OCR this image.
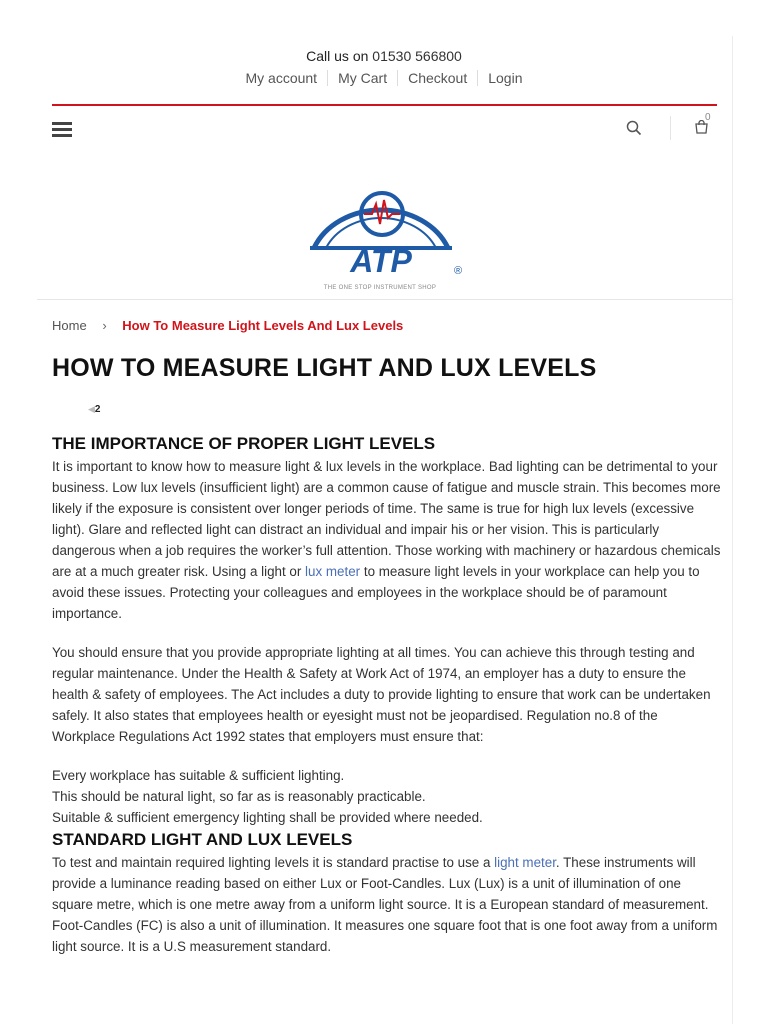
Call us on 01530 566800
My account My Cart Checkout Login
0
ATP	®
THE ONE STOP INSTRUMENT SHOP
Home › How To Measure Light Levels And Lux Levels
HOW TO MEASURE LIGHT AND LUX LEVELS
◀2
THE IMPORTANCE OF PROPER LIGHT LEVELS

It is important to know how to measure light & lux levels in the workplace. Bad lighting can be detrimental to your business. Low lux levels (insufficient light) are a common cause of fatigue and muscle strain. This becomes more likely if the exposure is consistent over longer periods of time. The same is true for high lux levels (excessive light). Glare and reflected light can distract an individual and impair his or her vision. This is particularly dangerous when a job requires the worker’s full attention. Those working with machinery or hazardous chemicals are at a much greater risk. Using a light or lux meter to measure light levels in your workplace can help you to avoid these issues. Protecting your colleagues and employees in the workplace should be of paramount importance.

You should ensure that you provide appropriate lighting at all times. You can achieve this through testing and regular maintenance. Under the Health & Safety at Work Act of 1974, an employer has a duty to ensure the health & safety of employees. The Act includes a duty to provide lighting to ensure that work can be undertaken safely. It also states that employees health or eyesight must not be jeopardised. Regulation no.8 of the Workplace Regulations Act 1992 states that employers must ensure that:

Every workplace has suitable & sufficient lighting.

This should be natural light, so far as is reasonably practicable.

Suitable & sufficient emergency lighting shall be provided where needed.

STANDARD LIGHT AND LUX LEVELS

To test and maintain required lighting levels it is standard practise to use a light meter. These instruments will provide a luminance reading based on either Lux or Foot-Candles. Lux (Lux) is a unit of illumination of one square metre, which is one metre away from a uniform light source. It is a European standard of measurement. Foot-Candles (FC) is also a unit of illumination. It measures one square foot that is one foot away from a uniform light source. It is a U.S measurement standard.
